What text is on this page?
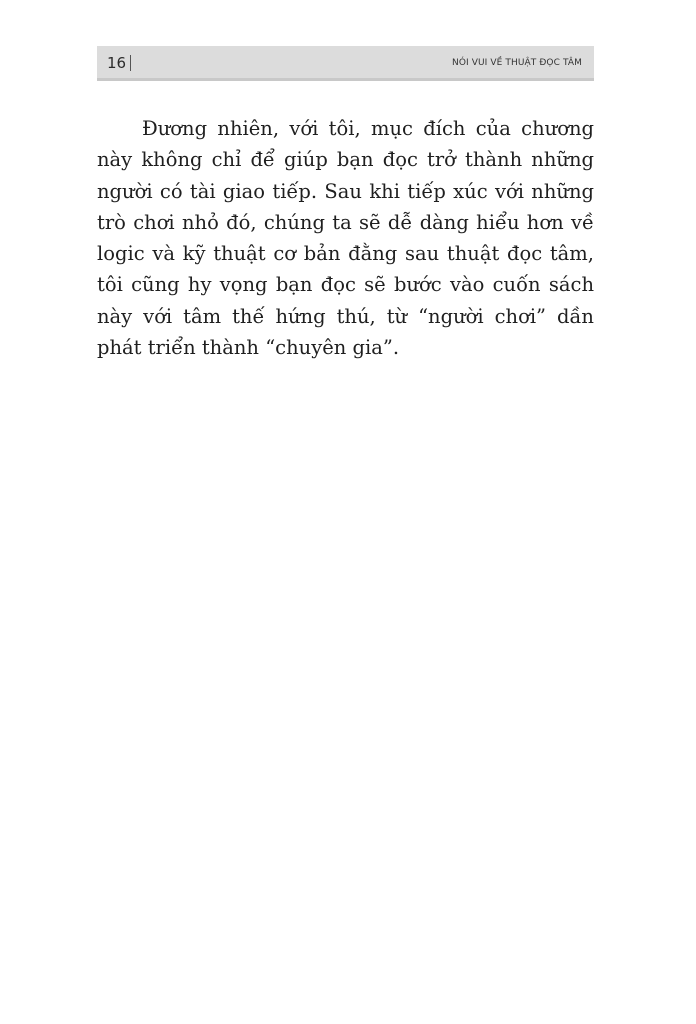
16	NÓI VUI VỀ THUẬT ĐỌC TÂM

Đương nhiên, với tôi, mục đích của chương này không chỉ để giúp bạn đọc trở thành những người có tài giao tiếp. Sau khi tiếp xúc với những trò chơi nhỏ đó, chúng ta sẽ dễ dàng hiểu hơn về logic và kỹ thuật cơ bản đằng sau thuật đọc tâm, tôi cũng hy vọng bạn đọc sẽ bước vào cuốn sách này với tâm thế hứng thú, từ “người chơi” dần phát triển thành “chuyên gia”.
